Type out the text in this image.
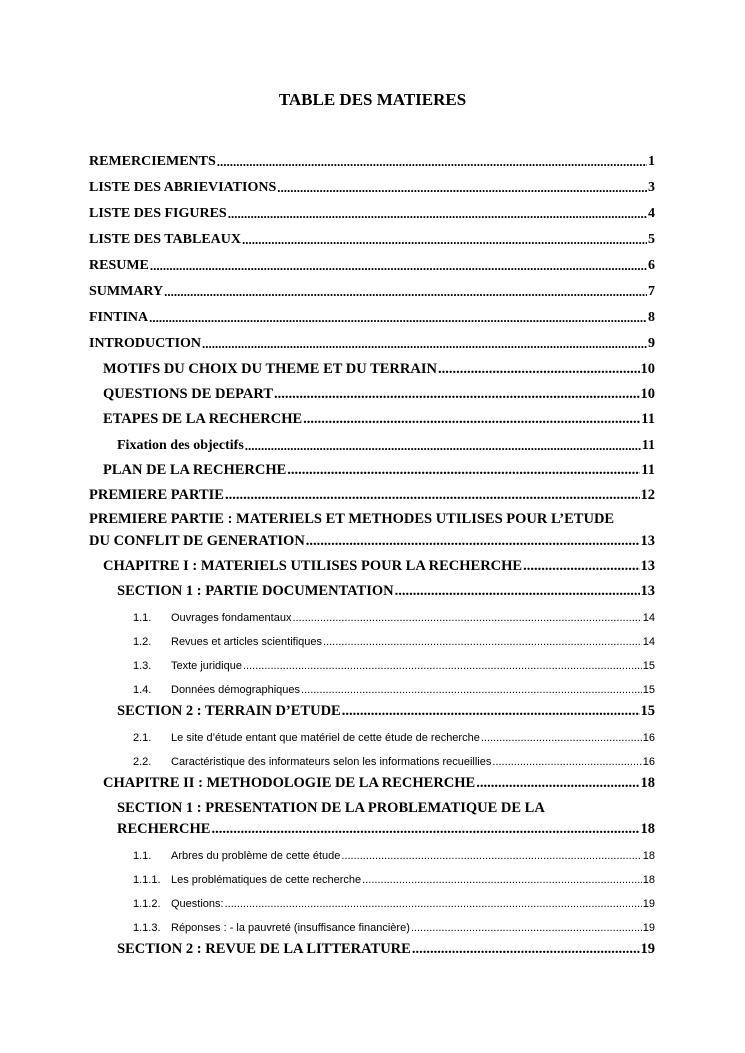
TABLE DES MATIERES
REMERCIEMENTS .....	1
LISTE DES ABRIEVIATIONS .....	3
LISTE DES FIGURES .....	4
LISTE DES TABLEAUX .....	5
RESUME .....	6
SUMMARY .....	7
FINTINA .....	8
INTRODUCTION .....	9
MOTIFS DU CHOIX DU THEME ET DU TERRAIN .....	10
QUESTIONS DE DEPART .....	10
ETAPES DE LA RECHERCHE .....	11
Fixation des objectifs .....	11
PLAN DE LA RECHERCHE .....	11
PREMIERE PARTIE .....	12
PREMIERE PARTIE : MATERIELS ET METHODES UTILISES POUR L’ETUDE
DU CONFLIT DE GENERATION .....	13
CHAPITRE I : MATERIELS UTILISES POUR LA RECHERCHE .....	13
SECTION 1 : PARTIE DOCUMENTATION .....	13
1.1. Ouvrages fondamentaux .....	14
1.2. Revues et articles scientifiques .....	14
1.3. Texte juridique .....	15
1.4. Données démographiques .....	15
SECTION 2 : TERRAIN D’ETUDE .....	15
2.1. Le site d’étude entant que matériel de cette étude de recherche .....	16
2.2. Caractéristique des informateurs selon les informations recueillies .....	16
CHAPITRE II : METHODOLOGIE DE LA RECHERCHE .....	18
SECTION 1 : PRESENTATION DE LA PROBLEMATIQUE DE LA
RECHERCHE .....	18
1.1. Arbres du problème de cette étude .....	18
1.1.1. Les problématiques de cette recherche .....	18
1.1.2. Questions: .....	19
1.1.3. Réponses : - la pauvreté (insuffisance financière) .....	19
SECTION 2 : REVUE DE LA LITTERATURE .....	19
